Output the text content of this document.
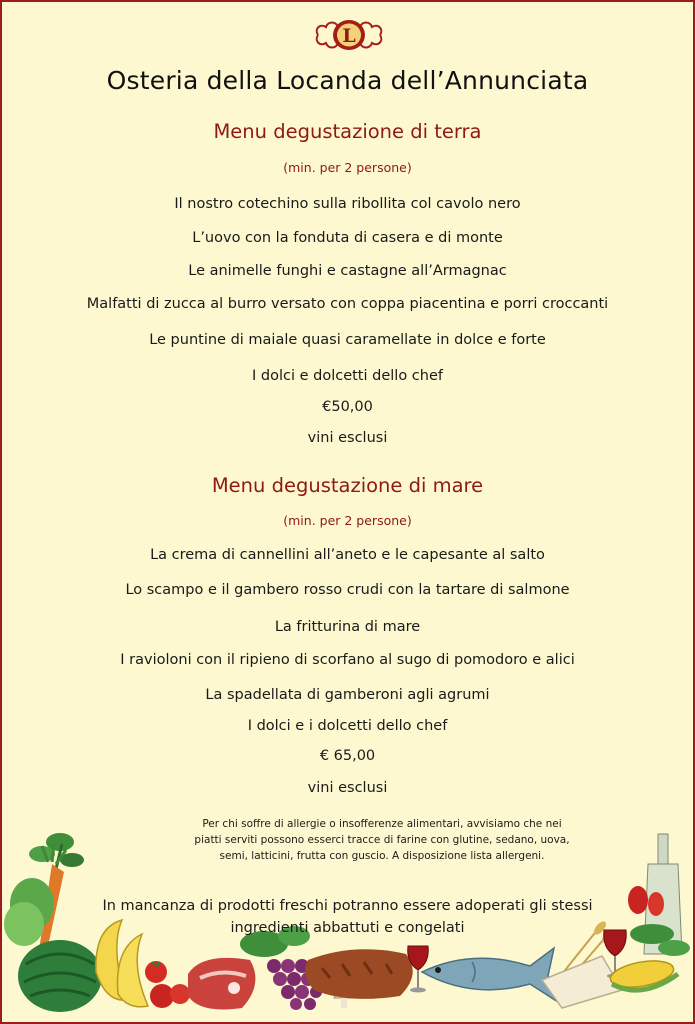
L
Osteria della Locanda dell’Annunciata
Menu degustazione di terra
(min. per 2 persone)
Il nostro cotechino sulla ribollita col cavolo nero
L’uovo con la fonduta di casera e di monte
Le animelle funghi e castagne all’Armagnac
Malfatti di zucca al burro versato con coppa piacentina e porri croccanti
Le puntine di maiale quasi caramellate in dolce e forte
I dolci e dolcetti dello chef
€50,00
vini esclusi
Menu degustazione di mare
(min. per 2 persone)
La crema di cannellini all’aneto e le capesante al salto
Lo scampo e il gambero rosso crudi con la tartare di salmone
La fritturina di mare
I ravioloni con il ripieno di scorfano al sugo di pomodoro e alici
La spadellata di gamberoni agli agrumi
I dolci e i dolcetti dello chef
€ 65,00
vini esclusi
Per chi soffre di allergie o insofferenze alimentari, avvisiamo che nei piatti serviti possono esserci tracce di farine con glutine, sedano, uova, semi, latticini, frutta con guscio. A disposizione lista allergeni.
In mancanza di prodotti freschi potranno essere adoperati gli stessi ingredienti abbattuti e congelati
